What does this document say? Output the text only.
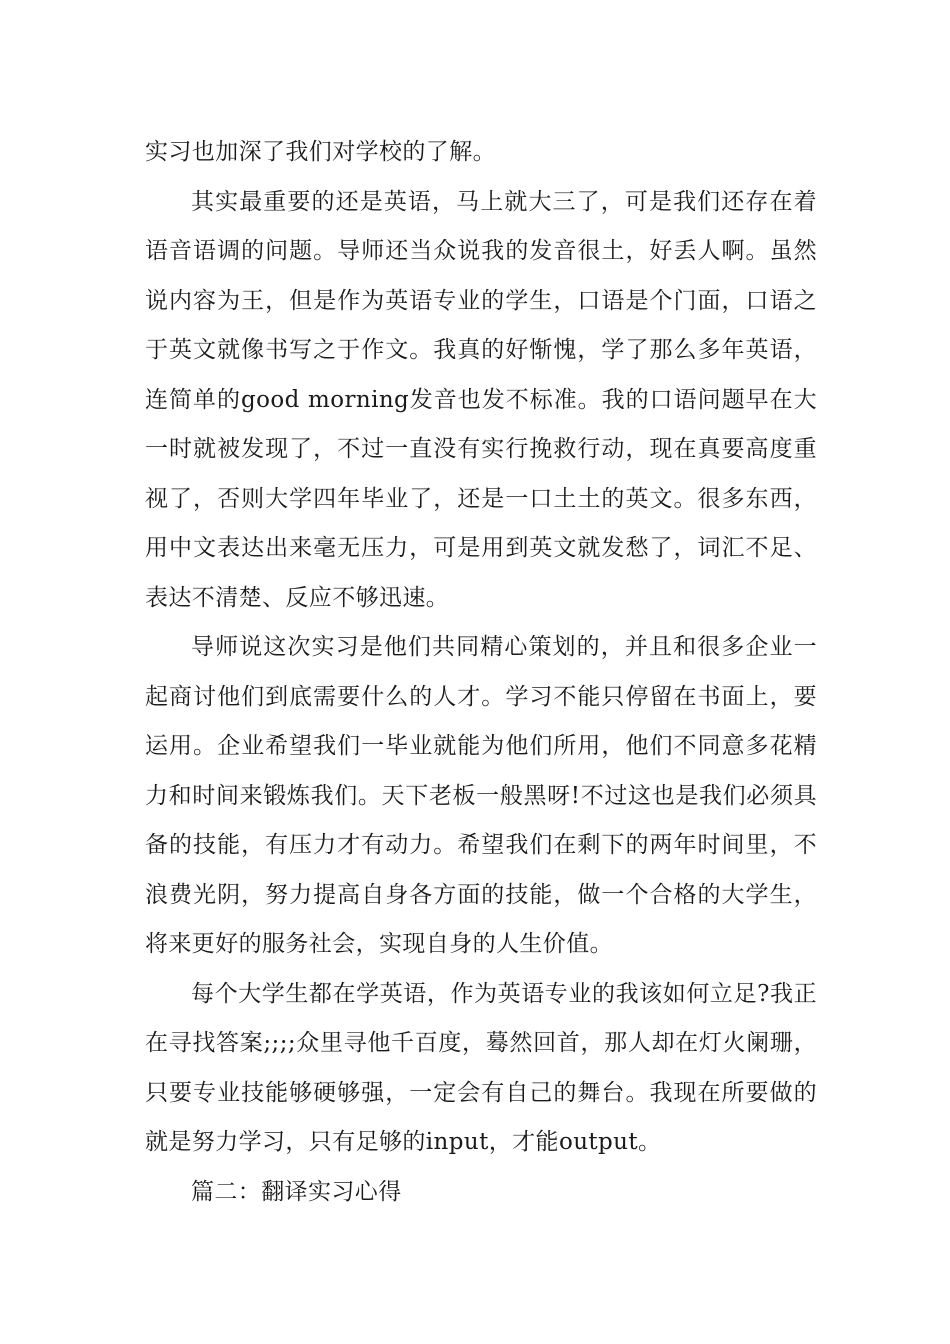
实习也加深了我们对学校的了解。

其实最重要的还是英语，马上就大三了，可是我们还存在着语音语调的问题。导师还当众说我的发音很土，好丢人啊。虽然说内容为王，但是作为英语专业的学生，口语是个门面，口语之于英文就像书写之于作文。我真的好惭愧，学了那么多年英语，连简单的good morning发音也发不标准。我的口语问题早在大一时就被发现了，不过一直没有实行挽救行动，现在真要高度重视了，否则大学四年毕业了，还是一口土土的英文。很多东西，用中文表达出来毫无压力，可是用到英文就发愁了，词汇不足、表达不清楚、反应不够迅速。

导师说这次实习是他们共同精心策划的，并且和很多企业一起商讨他们到底需要什么的人才。学习不能只停留在书面上，要运用。企业希望我们一毕业就能为他们所用，他们不同意多花精力和时间来锻炼我们。天下老板一般黑呀!不过这也是我们必须具备的技能，有压力才有动力。希望我们在剩下的两年时间里，不浪费光阴，努力提高自身各方面的技能，做一个合格的大学生，将来更好的服务社会，实现自身的人生价值。

每个大学生都在学英语，作为英语专业的我该如何立足?我正在寻找答案;;;;众里寻他千百度，蓦然回首，那人却在灯火阑珊，只要专业技能够硬够强，一定会有自己的舞台。我现在所要做的就是努力学习，只有足够的input，才能output。

篇二：翻译实习心得
